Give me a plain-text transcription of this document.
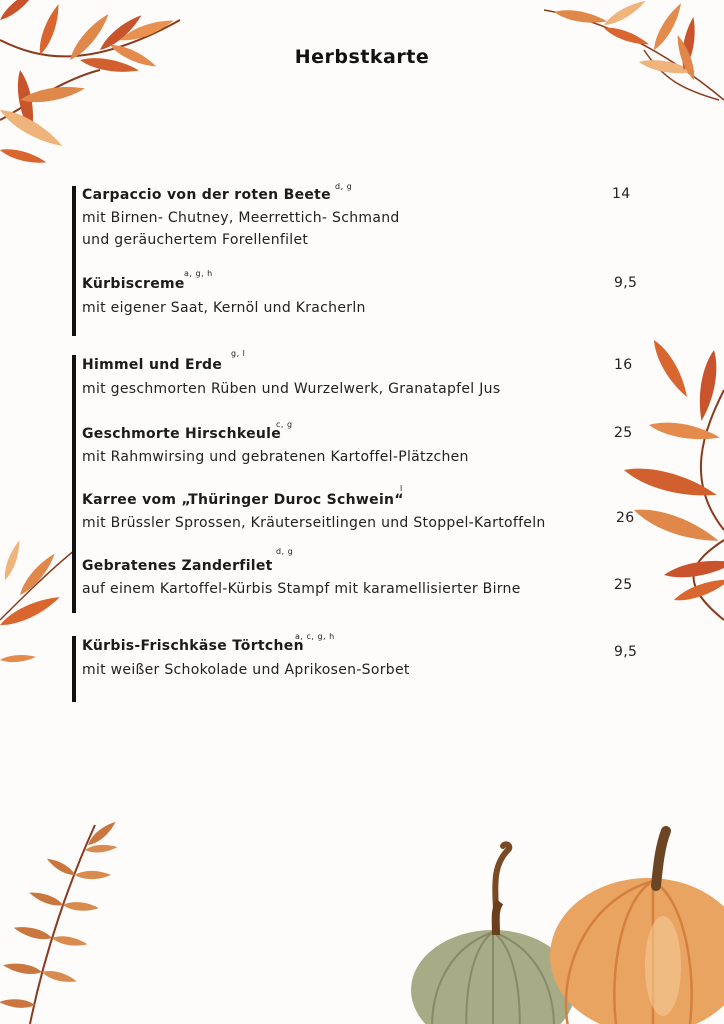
Herbstkarte
Carpaccio von der roten Beete
d, g
mit Birnen- Chutney, Meerrettich- Schmand
und geräuchertem Forellenfilet
14
Kürbiscreme
a, g, h
mit eigener Saat, Kernöl und Kracherln
9,5
Himmel und Erde
g, l
mit geschmorten Rüben und Wurzelwerk, Granatapfel Jus
16
Geschmorte Hirschkeule
c, g
mit Rahmwirsing und gebratenen Kartoffel-Plätzchen
25
Karree vom „Thüringer Duroc Schwein“
l
mit Brüssler Sprossen, Kräuterseitlingen und Stoppel-Kartoffeln	26
Gebratenes Zanderfilet
d, g
auf einem Kartoffel-Kürbis Stampf mit karamellisierter Birne	25
Kürbis-Frischkäse Törtchen
a, c, g, h
mit weißer Schokolade und Aprikosen-Sorbet
9,5
